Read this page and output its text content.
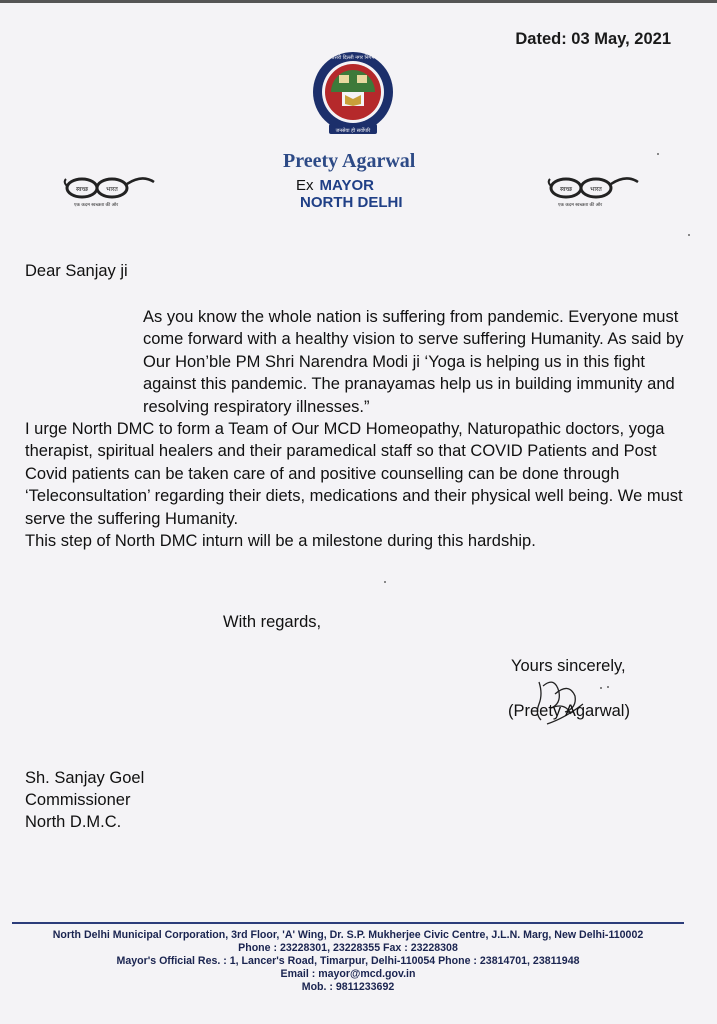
Dated: 03 May, 2021
उत्तरी दिल्ली नगर निगम
जनसेवा ही सर्वोपरि
Preety Agarwal
Ex MAYOR
NORTH DELHI
स्वच्छ	भारत
एक कदम स्वच्छता की ओर
स्वच्छ	भारत
एक कदम स्वच्छता की ओर
Dear Sanjay ji

As you know the whole nation is suffering from pandemic. Everyone must come forward with a healthy vision to serve suffering Humanity. As said by Our Hon’ble PM Shri Narendra Modi ji ‘Yoga is helping us in this fight against this pandemic. The pranayamas help us in building immunity and resolving respiratory illnesses.”

I urge North DMC to form a Team of Our MCD Homeopathy, Naturopathic doctors, yoga therapist, spiritual healers and their paramedical staff so that COVID Patients and Post Covid patients can be taken care of and positive counselling can be done through ‘Teleconsultation’ regarding their diets, medications and their physical well being. We must serve the suffering Humanity.

This step of North DMC inturn will be a milestone during this hardship.

With regards,
Yours sincerely,
(Preety Agarwal)
Sh. Sanjay Goel
Commissioner
North D.M.C.
North Delhi Municipal Corporation, 3rd Floor, 'A' Wing, Dr. S.P. Mukherjee Civic Centre, J.L.N. Marg, New Delhi-110002
Phone : 23228301, 23228355 Fax : 23228308
Mayor's Official Res. : 1, Lancer's Road, Timarpur, Delhi-110054 Phone : 23814701, 23811948
Email : mayor@mcd.gov.in
Mob. : 9811233692
